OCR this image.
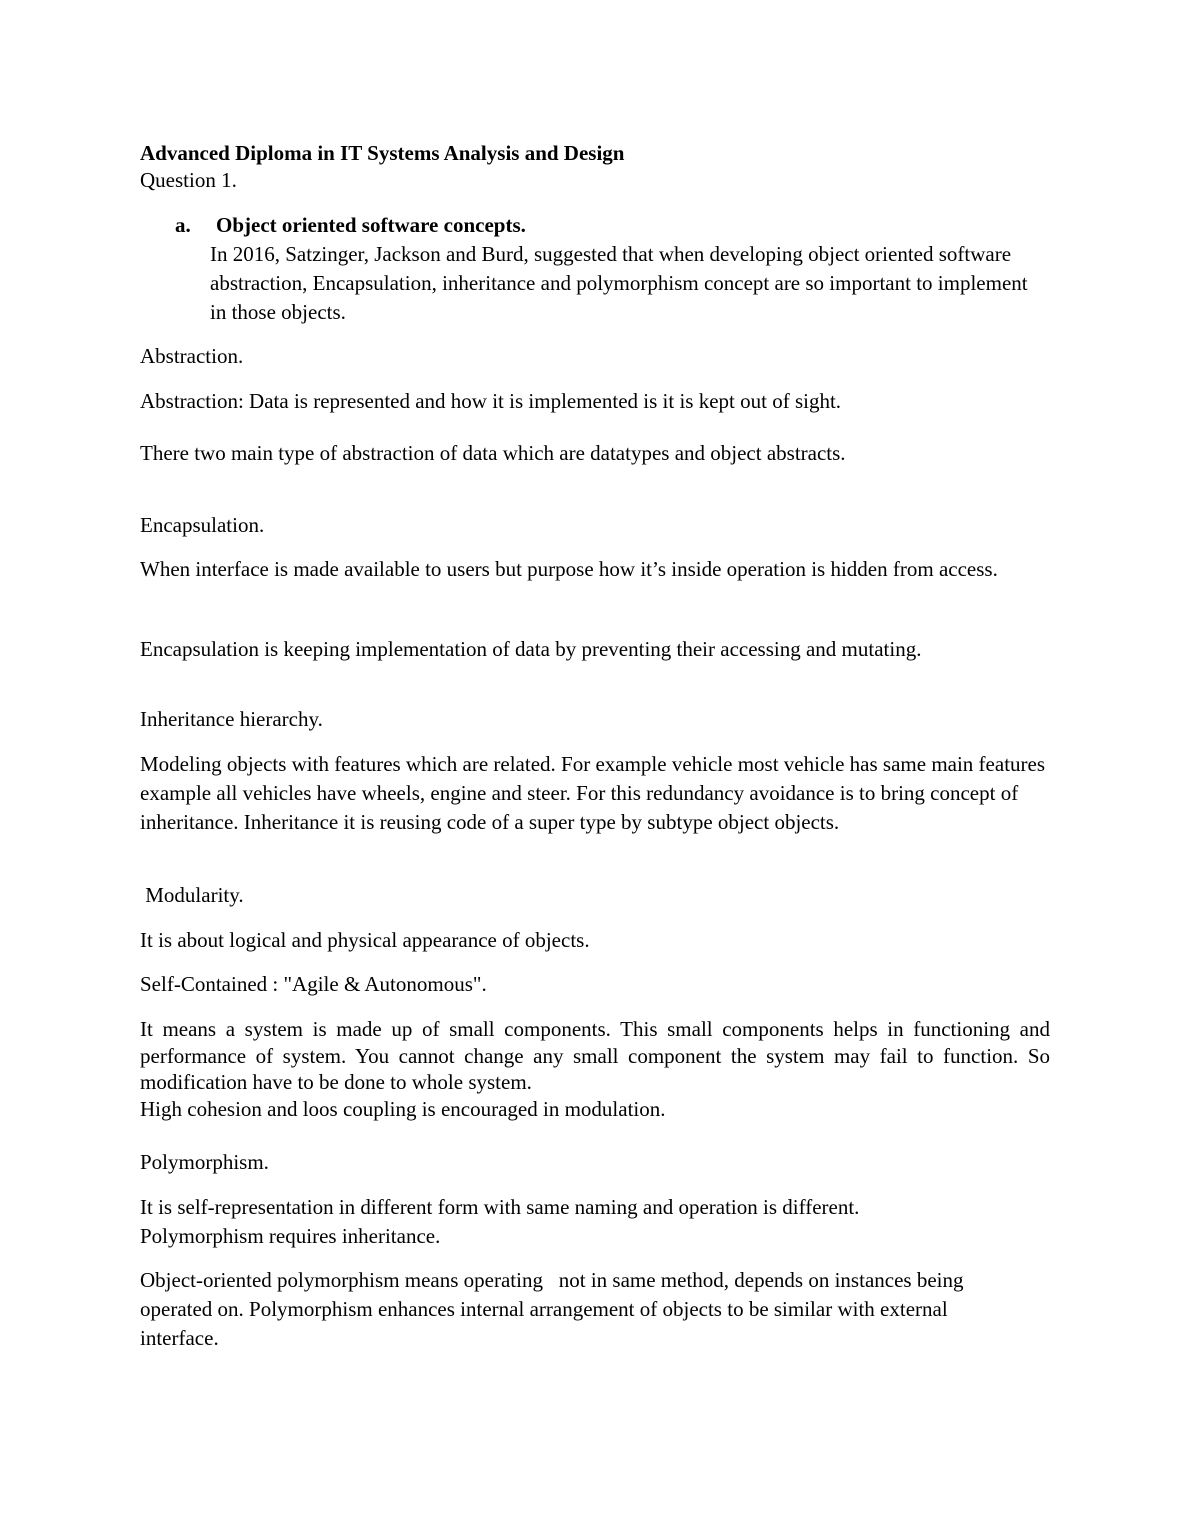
Advanced Diploma in IT Systems Analysis and Design

Question 1.

a. Object oriented software concepts.

In 2016, Satzinger, Jackson and Burd, suggested that when developing object oriented software abstraction, Encapsulation, inheritance and polymorphism concept are so important to implement in those objects.

Abstraction.

Abstraction: Data is represented and how it is implemented is it is kept out of sight.

There two main type of abstraction of data which are datatypes and object abstracts.

Encapsulation.

When interface is made available to users but purpose how it’s inside operation is hidden from access.

Encapsulation is keeping implementation of data by preventing their accessing and mutating.

Inheritance hierarchy.

Modeling objects with features which are related. For example vehicle most vehicle has same main features example all vehicles have wheels, engine and steer. For this redundancy avoidance is to bring concept of inheritance. Inheritance it is reusing code of a super type by subtype object objects.

Modularity.

It is about logical and physical appearance of objects.

Self-Contained : "Agile & Autonomous".

It means a system is made up of small components. This small components helps in functioning and performance of system. You cannot change any small component the system may fail to function. So modification have to be done to whole system.

High cohesion and loos coupling is encouraged in modulation.

Polymorphism.

It is self-representation in different form with same naming and operation is different.

Polymorphism requires inheritance.

Object-oriented polymorphism means operating   not in same method, depends on instances being operated on. Polymorphism enhances internal arrangement of objects to be similar with external interface.
